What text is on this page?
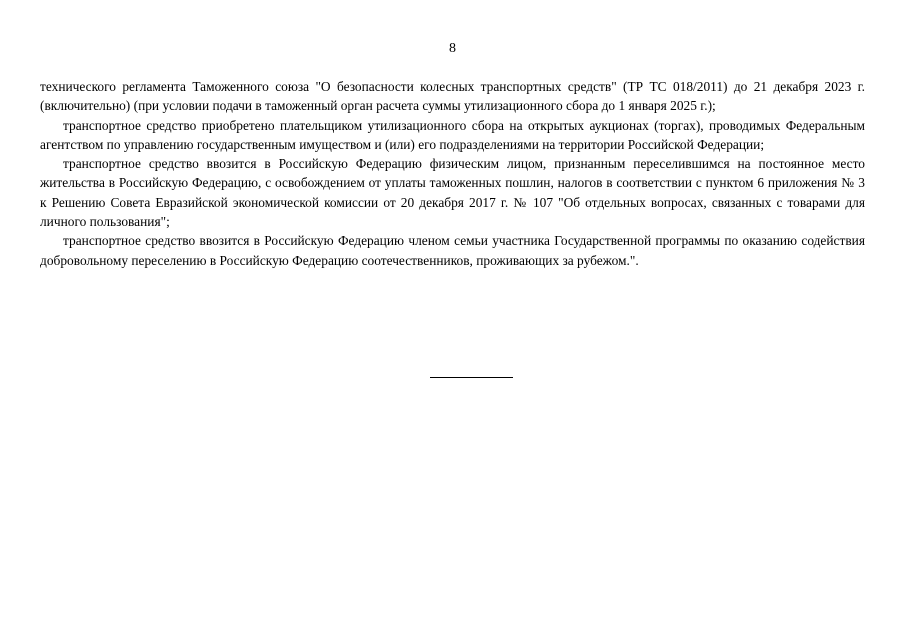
8

технического регламента Таможенного союза "О безопасности колесных транспортных средств" (ТР ТС 018/2011) до 21 декабря 2023 г. (включительно) (при условии подачи в таможенный орган расчета суммы утилизационного сбора до 1 января 2025 г.);

транспортное средство приобретено плательщиком утилизационного сбора на открытых аукционах (торгах), проводимых Федеральным агентством по управлению государственным имуществом и (или) его подразделениями на территории Российской Федерации;

транспортное средство ввозится в Российскую Федерацию физическим лицом, признанным переселившимся на постоянное место жительства в Российскую Федерацию, с освобождением от уплаты таможенных пошлин, налогов в соответствии с пунктом 6 приложения № 3 к Решению Совета Евразийской экономической комиссии от 20 декабря 2017 г. № 107 "Об отдельных вопросах, связанных с товарами для личного пользования";

транспортное средство ввозится в Российскую Федерацию членом семьи участника Государственной программы по оказанию содействия добровольному переселению в Российскую Федерацию соотечественников, проживающих за рубежом.".
